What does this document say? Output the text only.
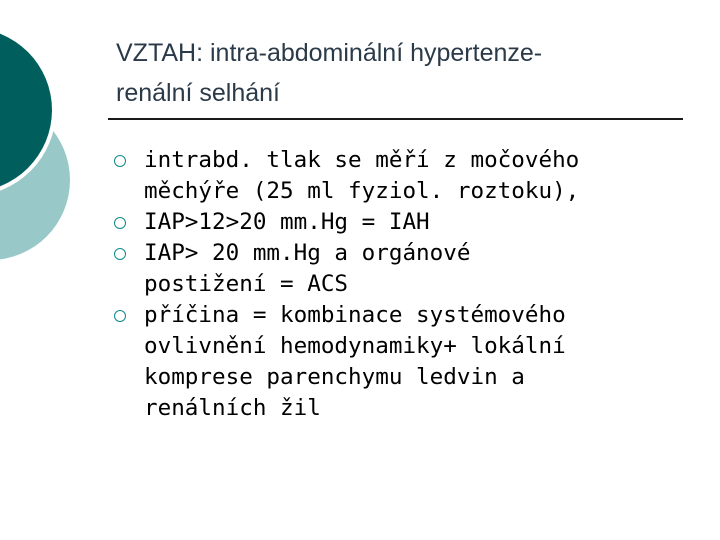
VZTAH: intra-abdominální hypertenze-
renální selhání
intrabd. tlak se měří z močového
měchýře (25 ml fyziol. roztoku),
IAP>12>20 mm.Hg = IAH
IAP> 20 mm.Hg a orgánové
postižení = ACS
příčina = kombinace systémového
ovlivnění hemodynamiky+ lokální
komprese parenchymu ledvin a
renálních žil
